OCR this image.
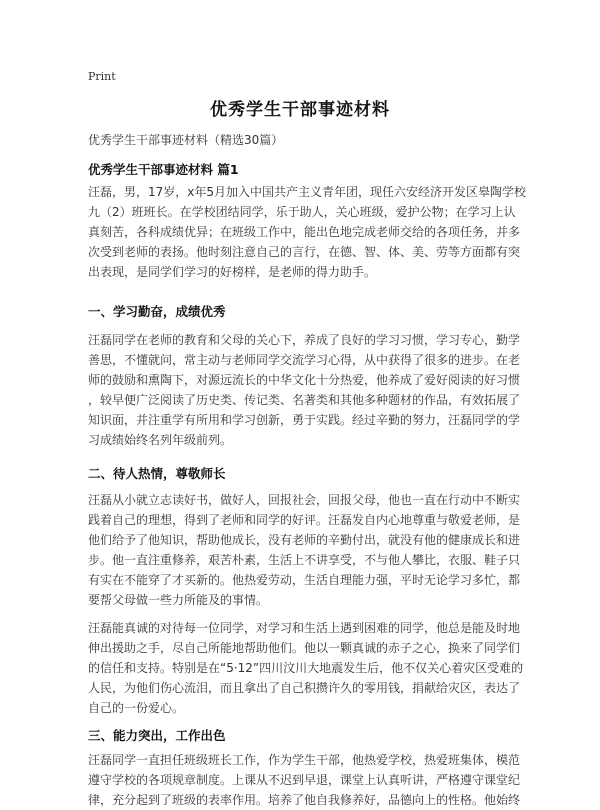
Print
优秀学生干部事迹材料
优秀学生干部事迹材料（精选30篇）
优秀学生干部事迹材料 篇1
汪磊，男，17岁，x年5月加入中国共产主义青年团，现任六安经济开发区皋陶学校
九（2）班班长。在学校团结同学，乐于助人，关心班级，爱护公物；在学习上认
真刻苦，各科成绩优异；在班级工作中，能出色地完成老师交给的各项任务，并多
次受到老师的表扬。他时刻注意自己的言行，在德、智、体、美、劳等方面都有突
出表现，是同学们学习的好榜样，是老师的得力助手。
一、学习勤奋，成绩优秀
汪磊同学在老师的教育和父母的关心下，养成了良好的学习习惯，学习专心，勤学
善思，不懂就问，常主动与老师同学交流学习心得，从中获得了很多的进步。在老
师的鼓励和熏陶下，对源远流长的中华文化十分热爱，他养成了爱好阅读的好习惯
，较早便广泛阅读了历史类、传记类、名著类和其他多种题材的作品，有效拓展了
知识面，并注重学有所用和学习创新，勇于实践。经过辛勤的努力，汪磊同学的学
习成绩始终名列年级前列。
二、待人热情，尊敬师长
汪磊从小就立志读好书，做好人，回报社会，回报父母，他也一直在行动中不断实
践着自己的理想，得到了老师和同学的好评。汪磊发自内心地尊重与敬爱老师，是
他们给予了他知识，帮助他成长，没有老师的辛勤付出，就没有他的健康成长和进
步。他一直注重修养，艰苦朴素，生活上不讲享受，不与他人攀比，衣服、鞋子只
有实在不能穿了才买新的。他热爱劳动，生活自理能力强，平时无论学习多忙，都
要帮父母做一些力所能及的事情。
汪磊能真诚的对待每一位同学，对学习和生活上遇到困难的同学，他总是能及时地
伸出援助之手，尽自己所能地帮助他们。他以一颗真诚的赤子之心，换来了同学们
的信任和支持。特别是在“5·12”四川汶川大地震发生后，他不仅关心着灾区受难的
人民，为他们伤心流泪，而且拿出了自己积攒许久的零用钱，捐献给灾区，表达了
自己的一份爱心。
三、能力突出，工作出色
汪磊同学一直担任班级班长工作，作为学生干部，他热爱学校，热爱班集体，模范
遵守学校的各项规章制度。上课从不迟到早退，课堂上认真听讲，严格遵守课堂纪
律，充分起到了班级的表率作用。培养了他自我修养好，品德向上的性格。他始终
